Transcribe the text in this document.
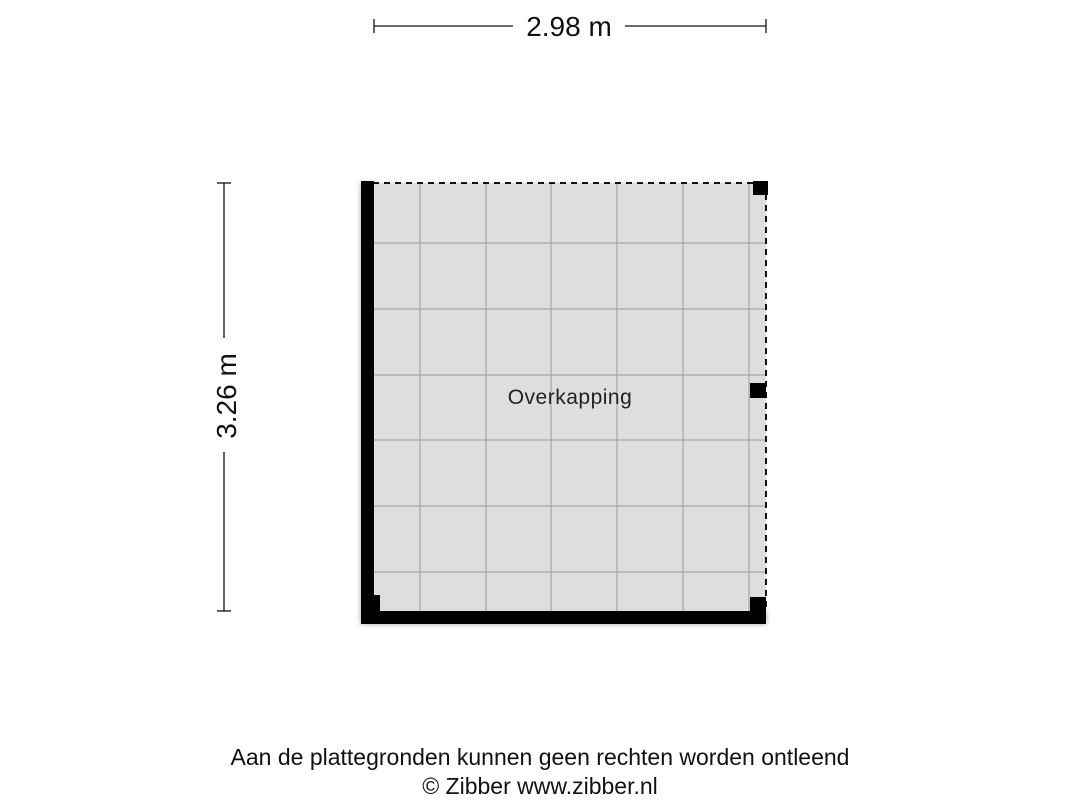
2.98 m
3.26 m	Overkapping
Aan de plattegronden kunnen geen rechten worden ontleend
© Zibber www.zibber.nl
